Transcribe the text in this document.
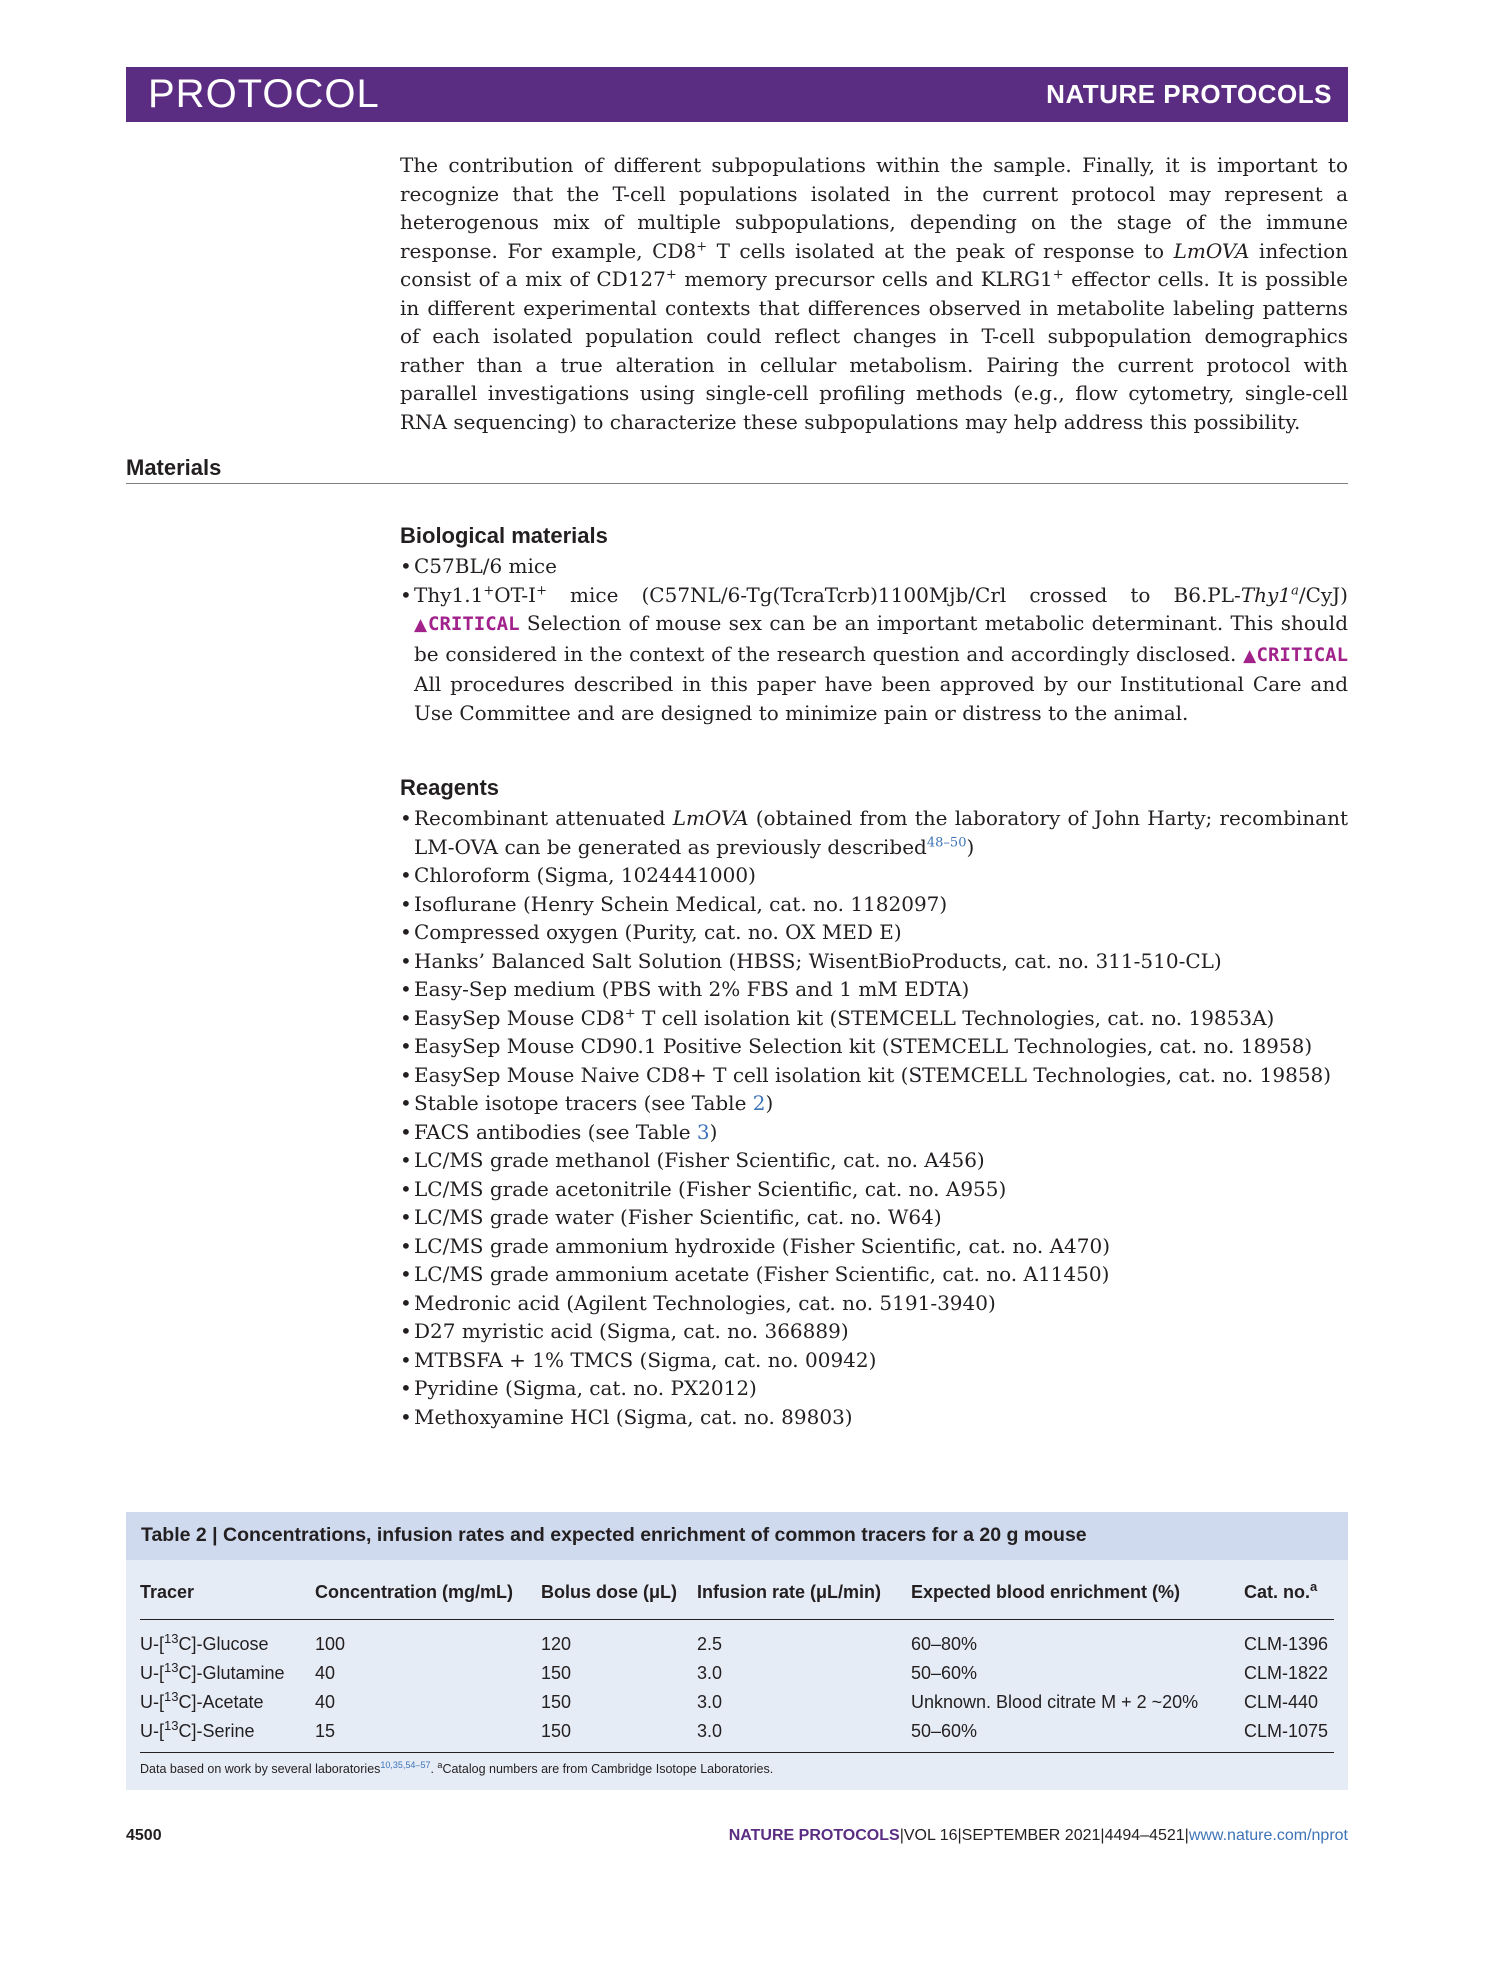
PROTOCOL	NATURE PROTOCOLS

The contribution of different subpopulations within the sample. Finally, it is important to recognize that the T-cell populations isolated in the current protocol may represent a heterogenous mix of multiple subpopulations, depending on the stage of the immune response. For example, CD8+ T cells isolated at the peak of response to LmOVA infection consist of a mix of CD127+ memory precursor cells and KLRG1+ effector cells. It is possible in different experimental contexts that differences observed in metabolite labeling patterns of each isolated population could reflect changes in T-cell subpopulation demographics rather than a true alteration in cellular metabolism. Pairing the current protocol with parallel investigations using single-cell profiling methods (e.g., flow cytometry, single-cell RNA sequencing) to characterize these subpopulations may help address this possibility.

Materials
Biological materials
• C57BL/6 mice
• Thy1.1+OT-I+ mice (C57NL/6-Tg(TcraTcrb)1100Mjb/Crl crossed to B6.PL-Thy1$^a$/CyJ) ▲CRITICAL Selection of mouse sex can be an important metabolic determinant. This should be considered in the context of the research question and accordingly disclosed. ▲CRITICAL All procedures described in this paper have been approved by our Institutional Care and Use Committee and are designed to minimize pain or distress to the animal.
Reagents
• Recombinant attenuated LmOVA (obtained from the laboratory of John Harty; recombinant LM-OVA can be generated as previously described$^{48-50}$)
• Chloroform (Sigma, 1024441000)
• Isoflurane (Henry Schein Medical, cat. no. 1182097)
• Compressed oxygen (Purity, cat. no. OX MED E)
• Hanks’ Balanced Salt Solution (HBSS; WisentBioProducts, cat. no. 311-510-CL)
• Easy-Sep medium (PBS with 2% FBS and 1 mM EDTA)
• EasySep Mouse CD8+ T cell isolation kit (STEMCELL Technologies, cat. no. 19853A)
• EasySep Mouse CD90.1 Positive Selection kit (STEMCELL Technologies, cat. no. 18958)
• EasySep Mouse Naive CD8+ T cell isolation kit (STEMCELL Technologies, cat. no. 19858)
• Stable isotope tracers (see Table 2)
• FACS antibodies (see Table 3)
• LC/MS grade methanol (Fisher Scientific, cat. no. A456)
• LC/MS grade acetonitrile (Fisher Scientific, cat. no. A955)
• LC/MS grade water (Fisher Scientific, cat. no. W64)
• LC/MS grade ammonium hydroxide (Fisher Scientific, cat. no. A470)
• LC/MS grade ammonium acetate (Fisher Scientific, cat. no. A11450)
• Medronic acid (Agilent Technologies, cat. no. 5191-3940)
• D27 myristic acid (Sigma, cat. no. 366889)
• MTBSFA + 1% TMCS (Sigma, cat. no. 00942)
• Pyridine (Sigma, cat. no. PX2012)
• Methoxyamine HCl (Sigma, cat. no. 89803)
Table 2 | Concentrations, infusion rates and expected enrichment of common tracers for a 20 g mouse
Tracer	Concentration (mg/mL)	Bolus dose (μL)	Infusion rate (μL/min)	Expected blood enrichment (%)	Cat. no.$^a$
U-[$^{13}$C]-Glucose	100	120	2.5	60–80%	CLM-1396
U-[$^{13}$C]-Glutamine	40	150	3.0	50–60%	CLM-1822
U-[$^{13}$C]-Acetate	40	150	3.0	Unknown. Blood citrate M + 2 ~20%	CLM-440
U-[$^{13}$C]-Serine	15	150	3.0	50–60%	CLM-1075
Data based on work by several laboratories$^{10,35,54-57}$. $^a$Catalog numbers are from Cambridge Isotope Laboratories.
4500	NATURE PROTOCOLS|VOL 16|SEPTEMBER 2021|4494–4521|www.nature.com/nprot
